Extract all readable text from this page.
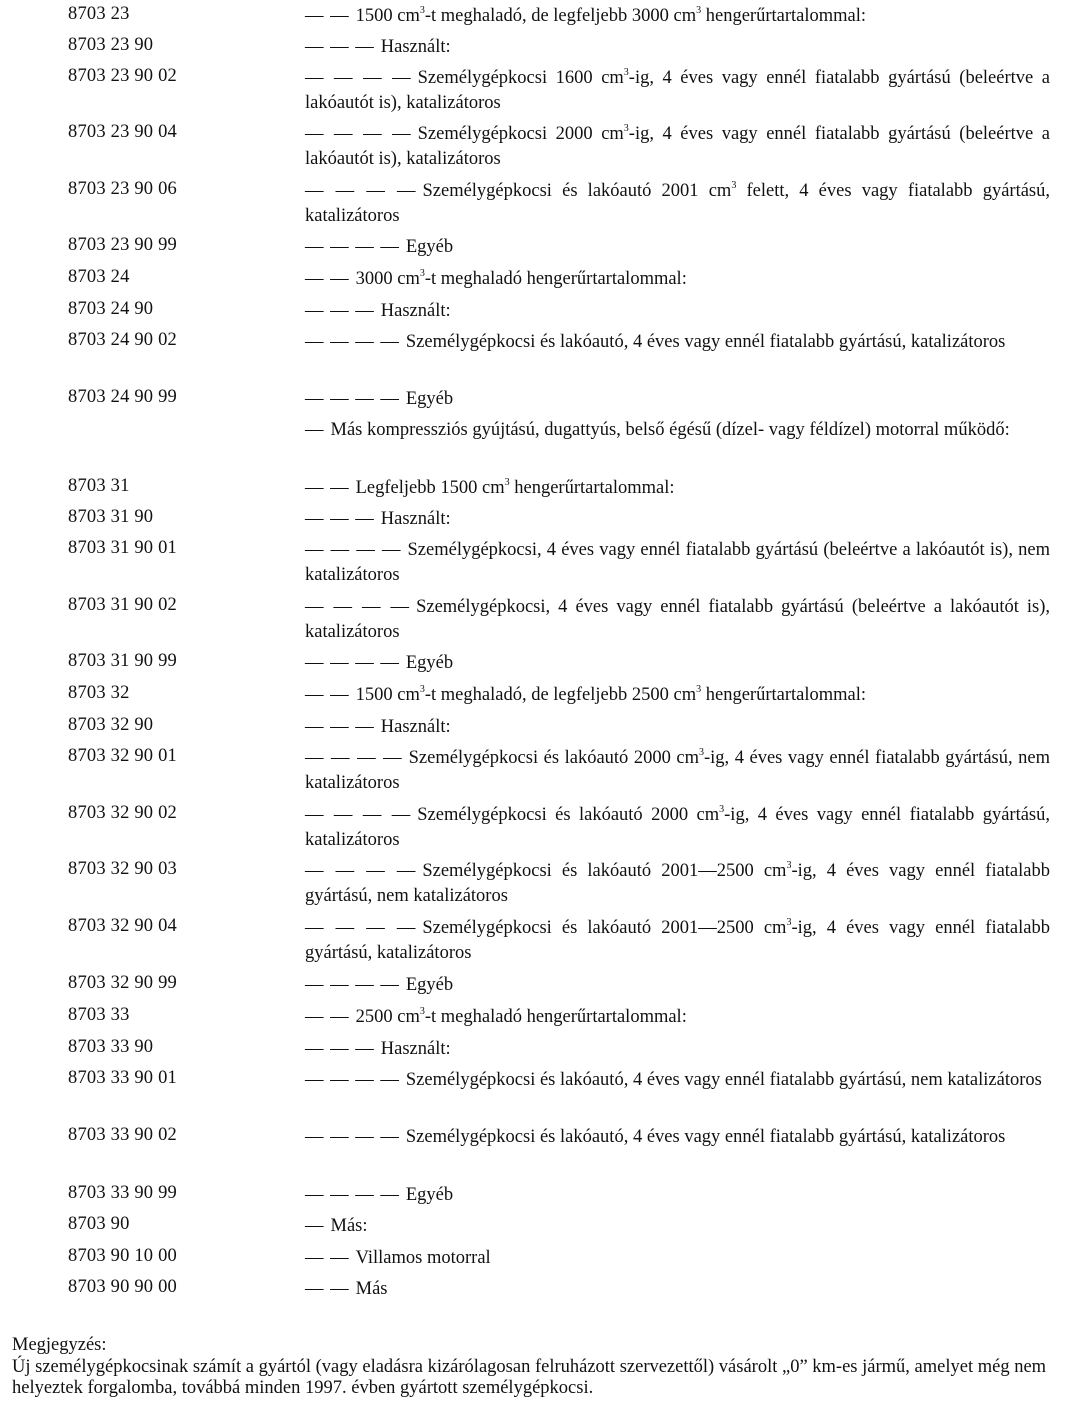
8703 23	— — 1500 $cm^3-t$ meghaladó, de legfeljebb 3000 $cm^3$ hengerűrtartalommal:
8703 23 90	— — — Használt:
8703 23 90 02	— — — — Személygépkocsi 1600 $cm^3-ig$, 4 éves vagy ennél fiatalabb gyártású (beleértve a lakóautót is), katalizátoros
8703 23 90 04	— — — — Személygépkocsi 2000 $cm^3-ig$, 4 éves vagy ennél fiatalabb gyártású (beleértve a lakóautót is), katalizátoros
8703 23 90 06	— — — — Személygépkocsi és lakóautó 2001 $cm^3$ felett, 4 éves vagy fiatalabb gyártású, katalizátoros
8703 23 90 99	— — — — Egyéb
8703 24	— — 3000 $cm^3-t$ meghaladó hengerűrtartalommal:
8703 24 90	— — — Használt:
8703 24 90 02	— — — — Személygépkocsi és lakóautó, 4 éves vagy ennél fiatalabb gyártású, katalizátoros
8703 24 90 99	— — — — Egyéb
— Más kompressziós gyújtású, dugattyús, belső égésű (dízel- vagy féldízel) motorral működő:
8703 31	— — Legfeljebb 1500 $cm^3$ hengerűrtartalommal:
8703 31 90	— — — Használt:
8703 31 90 01	— — — — Személygépkocsi, 4 éves vagy ennél fiatalabb gyártású (beleértve a lakóautót is), nem katalizátoros
8703 31 90 02	— — — — Személygépkocsi, 4 éves vagy ennél fiatalabb gyártású (beleértve a lakóautót is), katalizátoros
8703 31 90 99	— — — — Egyéb
8703 32	— — 1500 $cm^3-t$ meghaladó, de legfeljebb 2500 $cm^3$ hengerűrtartalommal:
8703 32 90	— — — Használt:
8703 32 90 01	— — — — Személygépkocsi és lakóautó 2000 $cm^3-ig$, 4 éves vagy ennél fiatalabb gyártású, nem katalizátoros
8703 32 90 02	— — — — Személygépkocsi és lakóautó 2000 $cm^3-ig$, 4 éves vagy ennél fiatalabb gyártású, katalizátoros
8703 32 90 03	— — — — Személygépkocsi és lakóautó 2001—2500 $cm^3-ig$, 4 éves vagy ennél fiatalabb gyártású, nem katalizátoros
8703 32 90 04	— — — — Személygépkocsi és lakóautó 2001—2500 $cm^3-ig$, 4 éves vagy ennél fiatalabb gyártású, katalizátoros
8703 32 90 99	— — — — Egyéb
8703 33	— — 2500 $cm^3-t$ meghaladó hengerűrtartalommal:
8703 33 90	— — — Használt:
8703 33 90 01	— — — — Személygépkocsi és lakóautó, 4 éves vagy ennél fiatalabb gyártású, nem katalizátoros
8703 33 90 02	— — — — Személygépkocsi és lakóautó, 4 éves vagy ennél fiatalabb gyártású, katalizátoros
8703 33 90 99	— — — — Egyéb
8703 90	— Más:
8703 90 10 00	— — Villamos motorral
8703 90 90 00	— — Más
Megjegyzés:
Új személygépkocsinak számít a gyártól (vagy eladásra kizárólagosan felruházott szervezettől) vásárolt „0” km-es jármű, amelyet még nem helyeztek forgalomba, továbbá minden 1997. évben gyártott személygépkocsi.
